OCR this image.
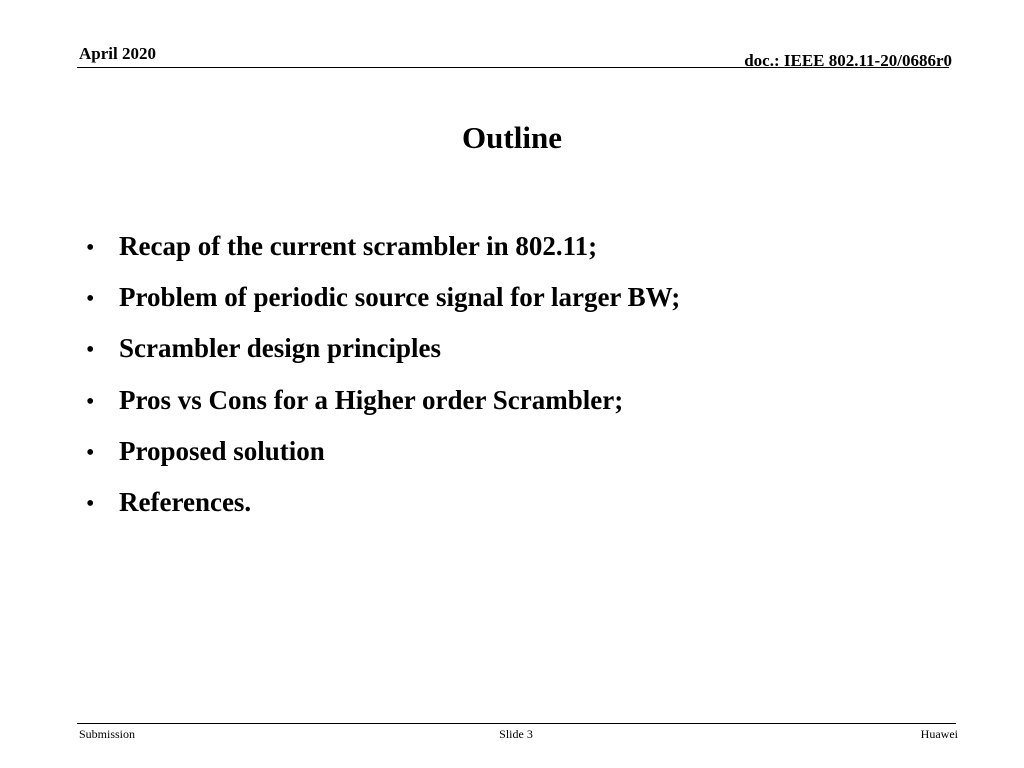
April 2020	doc.: IEEE 802.11-20/0686r0
Outline
• Recap of the current scrambler in 802.11;
• Problem of periodic source signal for larger BW;
• Scrambler design principles
• Pros vs Cons for a Higher order Scrambler;
• Proposed solution
• References.
Submission	Slide 3	Huawei
